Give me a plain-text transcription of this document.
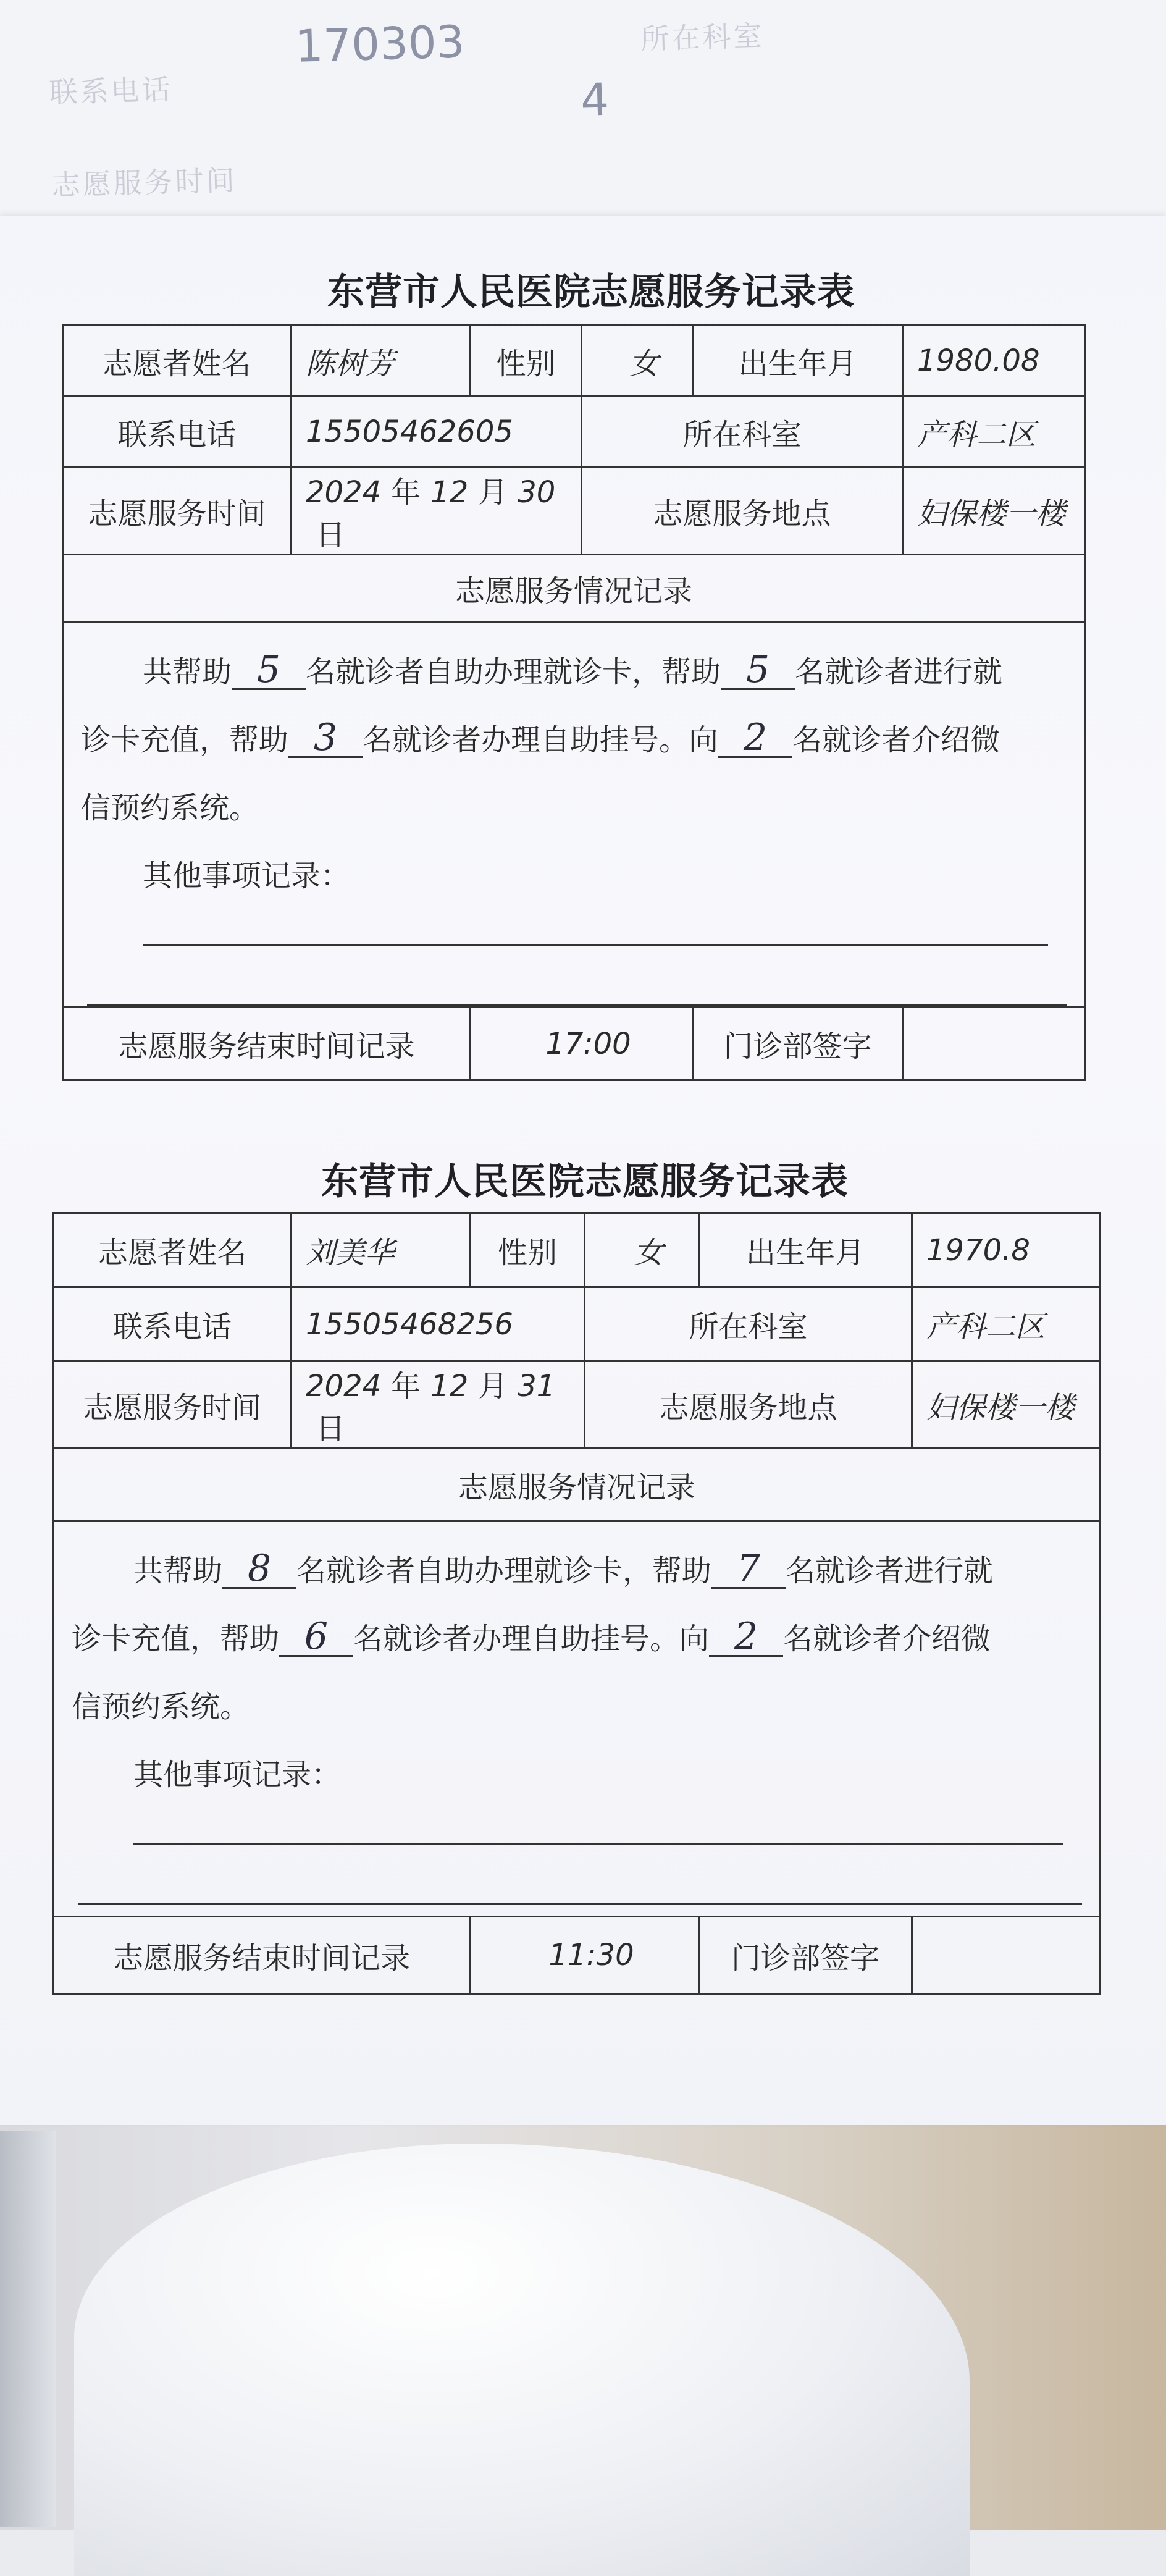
联系电话
所在科室
志愿服务时间
170303
4
东营市人民医院志愿服务记录表
志愿者姓名	陈树芳	性别	女	出生年月	1980.08
联系电话	15505462605		所在科室		产科二区
志愿服务时间	2024 年 12 月 30日		志愿服务地点		妇保楼一楼
志愿服务情况记录					

共帮助 5 名就诊者自助办理就诊卡，帮助 5 名就诊者进行就
诊卡充值，帮助 3 名就诊者办理自助挂号。向 2 名就诊者介绍微
信预约系统。
其他事项记录：					

志愿服务结束时间记录		17:00		门诊部签字	
东营市人民医院志愿服务记录表
志愿者姓名	刘美华	性别	女	出生年月	1970.8
联系电话	15505468256		所在科室		产科二区
志愿服务时间	2024 年 12 月 31日		志愿服务地点		妇保楼一楼
志愿服务情况记录					

共帮助 8 名就诊者自助办理就诊卡，帮助 7 名就诊者进行就
诊卡充值，帮助 6 名就诊者办理自助挂号。向 2 名就诊者介绍微
信预约系统。
其他事项记录：					

志愿服务结束时间记录		11:30		门诊部签字	
